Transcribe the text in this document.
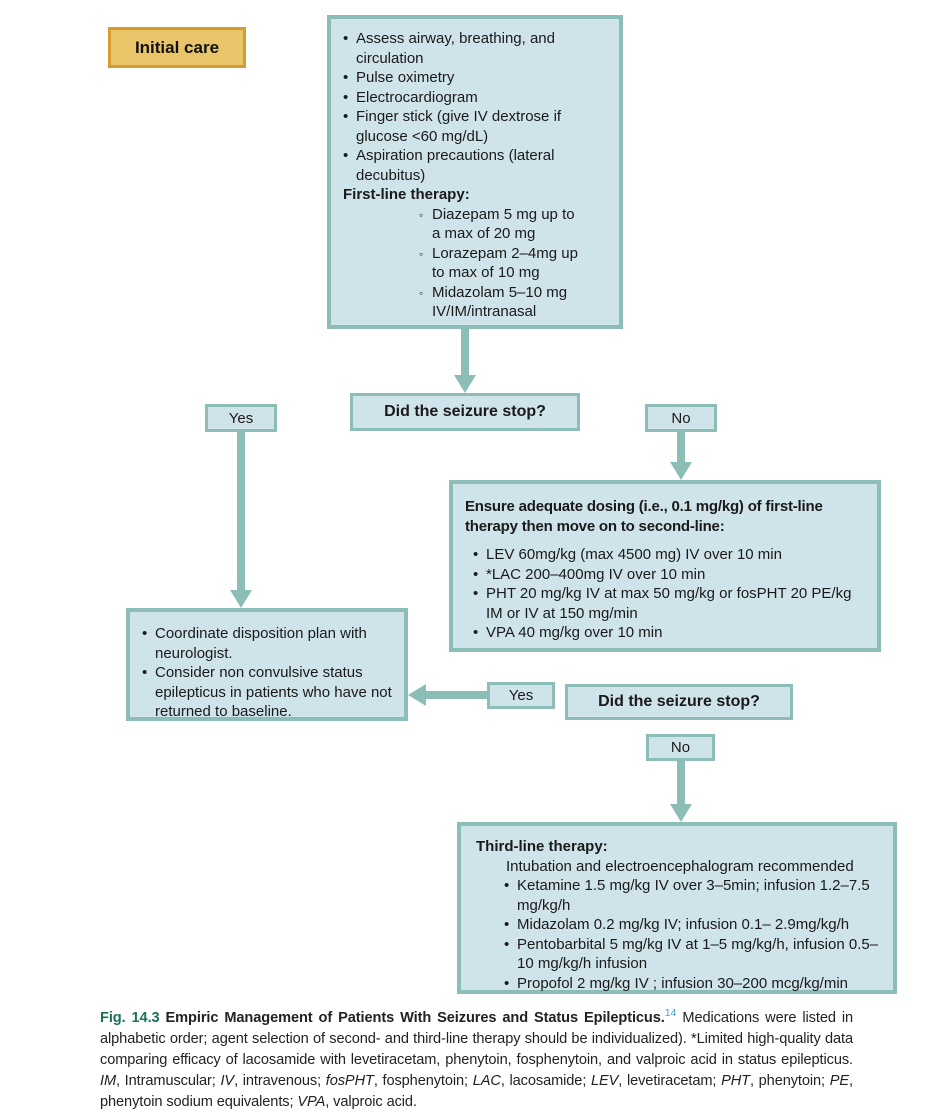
Initial care	• Assess airway, breathing, and circulation
• Pulse oximetry
• Electrocardiogram
• Finger stick (give IV dextrose if glucose <60 mg/dL)
• Aspiration precautions (lateral decubitus)
First-line therapy:
◦ Diazepam 5 mg up to a max of 20 mg
◦ Lorazepam 2–4mg up to max of 10 mg
◦ Midazolam 5–10 mg IV/IM/intranasal
Yes	Did the seizure stop?	No
Ensure adequate dosing (i.e., 0.1 mg/kg) of first-line therapy then move on to second-line:
• LEV 60mg/kg (max 4500 mg) IV over 10 min
• *LAC 200–400mg IV over 10 min
• PHT 20 mg/kg IV at max 50 mg/kg or fosPHT 20 PE/kg IM or IV at 150 mg/min
• VPA 40 mg/kg over 10 min
• Coordinate disposition plan with neurologist.
• Consider non convulsive status epilepticus in patients who have not returned to baseline.
Yes	Did the seizure stop?
No
Third-line therapy:
Intubation and electroencephalogram recommended
• Ketamine 1.5 mg/kg IV over 3–5min; infusion 1.2–7.5 mg/kg/h
• Midazolam 0.2 mg/kg IV; infusion 0.1– 2.9mg/kg/h
• Pentobarbital 5 mg/kg IV at 1–5 mg/kg/h, infusion 0.5–10 mg/kg/h infusion
• Propofol 2 mg/kg IV ; infusion 30–200 mcg/kg/min

Fig. 14.3 Empiric Management of Patients With Seizures and Status Epilepticus.$^{14}$ Medications were listed in alphabetic order; agent selection of second- and third-line therapy should be individualized). *Limited high-quality data comparing efficacy of lacosamide with levetiracetam, phenytoin, fosphenytoin, and valproic acid in status epilepticus. IM, Intramuscular; IV, intravenous; fosPHT, fosphenytoin; LAC, lacosamide; LEV, levetiracetam; PHT, phenytoin; PE, phenytoin sodium equivalents; VPA, valproic acid.
